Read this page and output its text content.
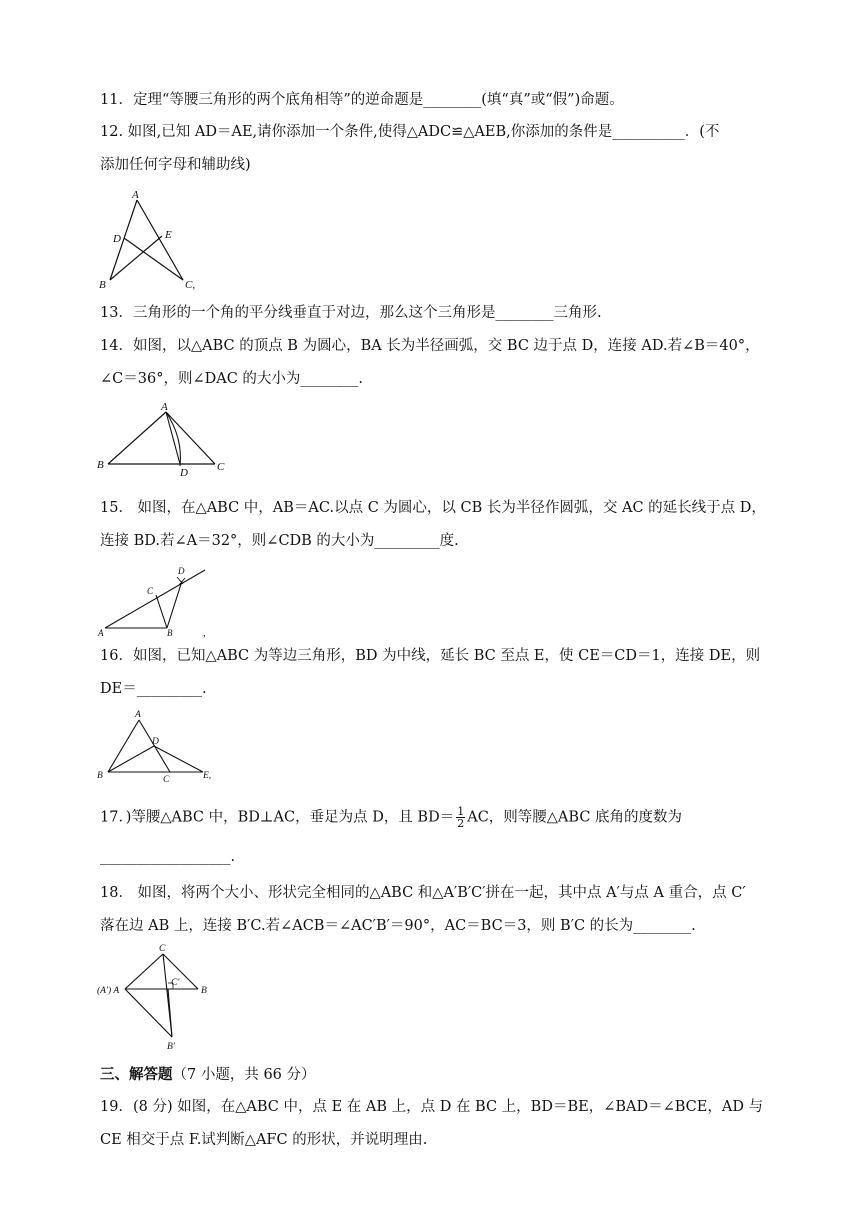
11．定理“等腰三角形的两个底角相等”的逆命题是________(填“真”或“假”)命题。
12. 如图,已知 AD＝AE,请你添加一个条件,使得△ADC≌△AEB,你添加的条件是__________．(不
添加任何字母和辅助线)
A
D	E
B	C,
13．三角形的一个角的平分线垂直于对边，那么这个三角形是________三角形.
14．如图，以△ABC 的顶点 B 为圆心，BA 长为半径画弧，交 BC 边于点 D，连接 AD.若∠B＝40°，
∠C＝36°，则∠DAC 的大小为________.
A
B	C
D
15． 如图，在△ABC 中，AB＝AC.以点 C 为圆心，以 CB 长为半径作圆弧，交 AC 的延长线于点 D，
连接 BD.若∠A＝32°，则∠CDB 的大小为_________度.
A	B
C
D
,
16．如图，已知△ABC 为等边三角形，BD 为中线，延长 BC 至点 E，使 CE＝CD＝1，连接 DE，则
DE＝_________.
A
B	C
D
E,
17．)等腰△ABC 中，BD⊥AC，垂足为点 D，且 $BD= \frac{1}{2}$ AC，则等腰△ABC 底角的度数为
__________________.
18． 如图，将两个大小、形状完全相同的△ABC 和△A′B′C′拼在一起，其中点 A′与点 A 重合，点 C′
落在边 AB 上，连接 B′C.若∠ACB＝∠AC′B′＝90°，AC＝BC＝3，则 B′C 的长为________.
C
(A′) A	B
C′
B′
三、解答题（7 小题，共 66 分）
19．(8 分) 如图，在△ABC 中，点 E 在 AB 上，点 D 在 BC 上，BD＝BE，∠BAD＝∠BCE，AD 与
CE 相交于点 F.试判断△AFC 的形状，并说明理由.
